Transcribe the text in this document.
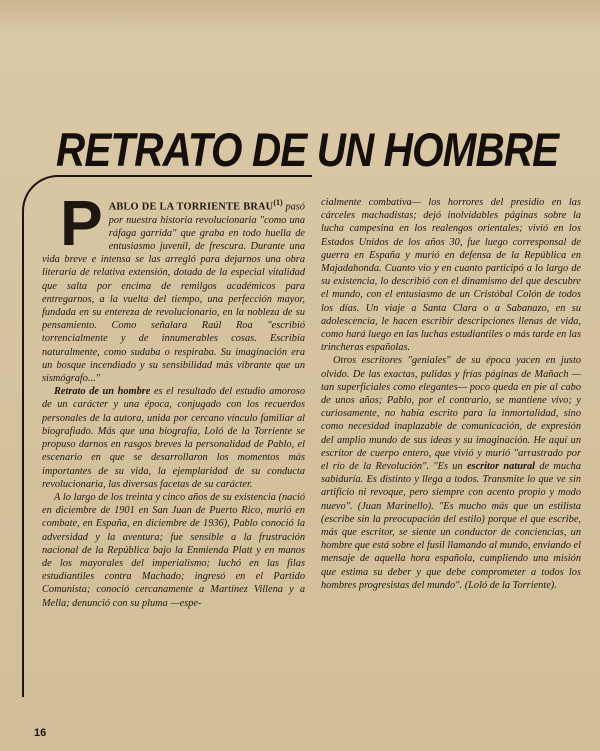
RETRATO DE UN HOMBRE

PABLO DE LA TORRIENTE BRAU$^{(1)}$ pasó por nuestra historia revolucionaria "como una ráfaga garrida" que graba en todo huella de entusiasmo juvenil, de frescura. Durante una vida breve e intensa se las arregló para dejarnos una obra literaria de relativa extensión, dotada de la especial vitalidad que salta por encima de remilgos académicos para entregarnos, a la vuelta del tiempo, una perfección mayor, fundada en su entereza de revolucionario, en la nobleza de su pensamiento. Como señalara Raúl Roa "escribió torrencialmente y de innumerables cosas. Escribía naturalmente, como sudaba o respiraba. Su imaginación era un bosque incendiado y su sensibilidad más vibrante que un sismógrafo..."

Retrato de un hombre es el resultado del estudio amoroso de un carácter y una época, conjugado con los recuerdos personales de la autora, unida por cercano vínculo familiar al biografiado. Más que una biografía, Loló de la Torriente se propuso darnos en rasgos breves la personalidad de Pablo, el escenario en que se desarrollaron los momentos más importantes de su vida, la ejemplaridad de su conducta revolucionaria, las diversas facetas de su carácter.

A lo largo de los treinta y cinco años de su existencia (nació en diciembre de 1901 en San Juan de Puerto Rico, murió en combate, en España, en diciembre de 1936), Pablo conoció la adversidad y la aventura; fue sensible a la frustración nacional de la República bajo la Enmienda Platt y en manos de los mayorales del imperialismo; luchó en las filas estudiantiles contra Machado; ingresó en el Partido Comunista; conoció cercanamente a Martínez Villena y a Mella; denunció con su pluma —espe-

cialmente combativa— los horrores del presidio en las cárceles machadistas; dejó inolvidables páginas sobre la lucha campesina en los realengos orientales; vivió en los Estados Unidos de los años 30, fue luego corresponsal de guerra en España y murió en defensa de la República en Majadahonda. Cuanto vio y en cuanto participó a lo largo de su existencia, lo describió con el dinamismo del que descubre el mundo, con el entusiasmo de un Cristóbal Colón de todos los días. Un viaje a Santa Clara o a Sabanazo, en su adolescencia, le hacen escribir descripciones llenas de vida, como hará luego en las luchas estudiantiles o más tarde en las trincheras españolas.

Otros escritores "geniales" de su época yacen en justo olvido. De las exactas, pulidas y frías páginas de Mañach —tan superficiales como elegantes— poco queda en pie al cabo de unos años; Pablo, por el contrario, se mantiene vivo; y curiosamente, no había escrito para la inmortalidad, sino como necesidad inaplazable de comunicación, de expresión del amplio mundo de sus ideas y su imaginación. He aquí un escritor de cuerpo entero, que vivió y murió "arrastrado por el río de la Revolución". "Es un escritor natural de mucha sabiduría. Es distinto y llega a todos. Transmite lo que ve sin artificio ni revoque, pero siempre con acento propio y modo nuevo". (Juan Marinello). "Es mucho más que un estilista (escribe sin la preocupación del estilo) porque el que escribe, más que escritor, se siente un conductor de conciencias, un hombre que está sobre el fusil llamando al mundo, enviando el mensaje de aquella hora española, cumpliendo una misión que estima su deber y que debe comprometer a todos los hombres progresistas del mundo". (Loló de la Torriente).

16
